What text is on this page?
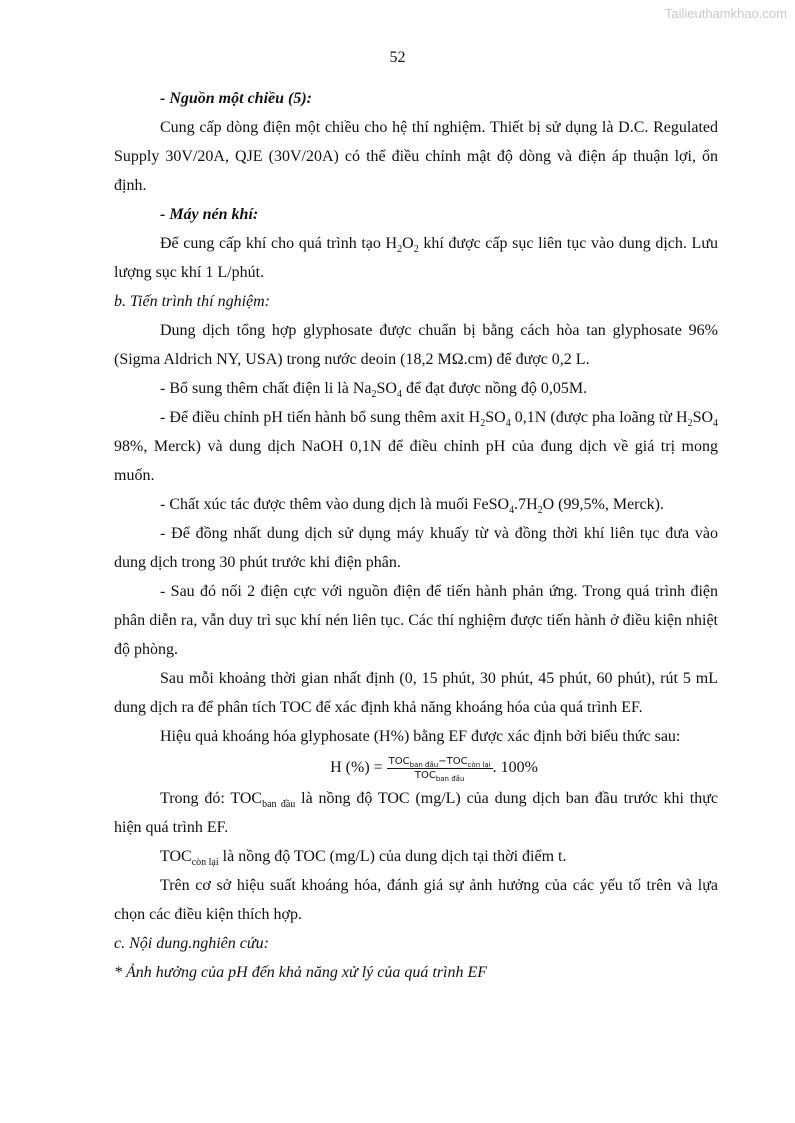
Tailieuthamkhao.com
52

- Nguồn một chiều (5):

Cung cấp dòng điện một chiều cho hệ thí nghiệm. Thiết bị sử dụng là D.C. Regulated Supply 30V/20A, QJE (30V/20A) có thể điều chỉnh mật độ dòng và điện áp thuận lợi, ổn định.

- Máy nén khí:

Để cung cấp khí cho quá trình tạo $H_2O_2$ khí được cấp sục liên tục vào dung dịch. Lưu lượng sục khí 1 L/phút.

b. Tiến trình thí nghiệm:

Dung dịch tổng hợp glyphosate được chuẩn bị bằng cách hòa tan glyphosate 96% (Sigma Aldrich NY, USA) trong nước deoin (18,2 MΩ.cm) để được 0,2 L.

- Bổ sung thêm chất điện li là $Na_2SO_4$ để đạt được nồng độ 0,05M.

- Để điều chỉnh pH tiến hành bổ sung thêm axit $H_2SO_4$ 0,1N (được pha loãng từ $H_2SO_4$ 98%, Merck) và dung dịch NaOH 0,1N để điều chỉnh pH của đung dịch về giá trị mong muốn.

- Chất xúc tác được thêm vào dung dịch là muối $FeSO_4.7H_2O$ (99,5%, Merck).

- Để đồng nhất dung dịch sử dụng máy khuấy từ và đồng thời khí liên tục đưa vào dung dịch trong 30 phút trước khi điện phân.

- Sau đó nối 2 điện cực với nguồn điện để tiến hành phản ứng. Trong quá trình điện phân diễn ra, vẫn duy trì sục khí nén liên tục. Các thí nghiệm được tiến hành ở điều kiện nhiệt độ phòng.

Sau mỗi khoảng thời gian nhất định (0, 15 phút, 30 phút, 45 phút, 60 phút), rút 5 mL dung dịch ra để phân tích TOC để xác định khả năng khoáng hóa của quá trình EF.

Hiệu quả khoáng hóa glyphosate (H%) bằng EF được xác định bởi biểu thức sau:

H (%) = $\frac{TOC_{ban đầu}-TOC_{còn lại}}{TOC_{ban đầu}}$ . 100%

Trong đó: $TOC_{ban đầu}$ là nồng độ TOC (mg/L) của dung dịch ban đầu trước khi thực hiện quá trình EF.

$TOC_{còn lại}$ là nồng độ TOC (mg/L) của dung dịch tại thời điểm t.

Trên cơ sở hiệu suất khoáng hóa, đánh giá sự ảnh hưởng của các yếu tố trên và lựa chọn các điều kiện thích hợp.

c. Nội dung.nghiên cứu:

* Ảnh hưởng của pH đến khả năng xử lý của quá trình EF
